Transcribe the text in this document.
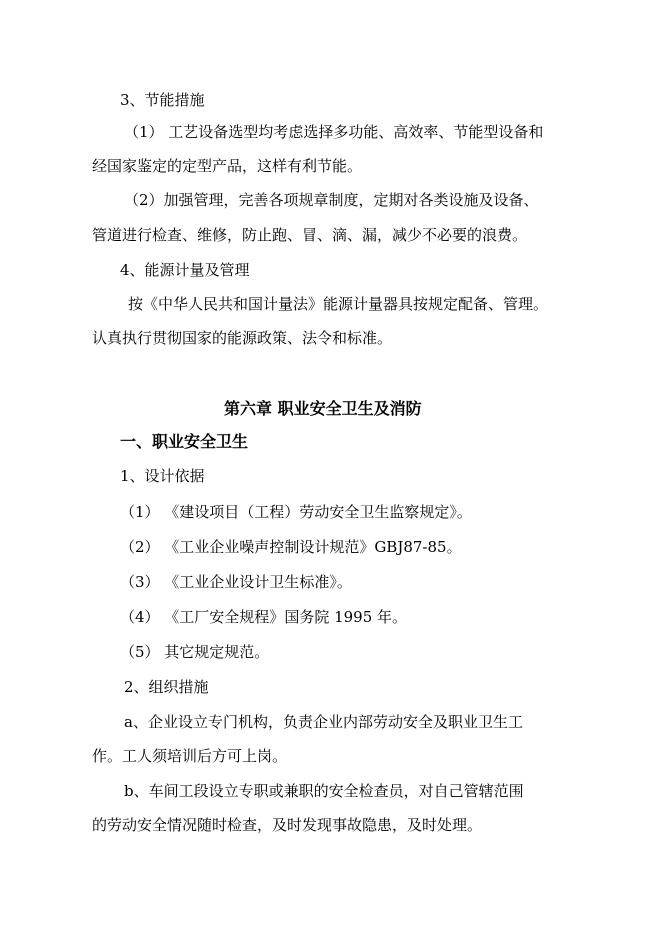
3、节能措施
（1） 工艺设备选型均考虑选择多功能、高效率、节能型设备和
经国家鉴定的定型产品，这样有利节能。
（2）加强管理，完善各项规章制度，定期对各类设施及设备、
管道进行检查、维修，防止跑、冒、滴、漏，减少不必要的浪费。
4、能源计量及管理
按《中华人民共和国计量法》能源计量器具按规定配备、管理。
认真执行贯彻国家的能源政策、法令和标准。
第六章 职业安全卫生及消防
一、职业安全卫生
1、设计依据
（1） 《建设项目（工程）劳动安全卫生监察规定》。
（2） 《工业企业噪声控制设计规范》GBJ87-85。
（3） 《工业企业设计卫生标准》。
（4） 《工厂安全规程》国务院 1995 年。
（5） 其它规定规范。
2、组织措施
a、企业设立专门机构，负责企业内部劳动安全及职业卫生工
作。工人须培训后方可上岗。
b、车间工段设立专职或兼职的安全检查员，对自己管辖范围
的劳动安全情况随时检查，及时发现事故隐患，及时处理。
